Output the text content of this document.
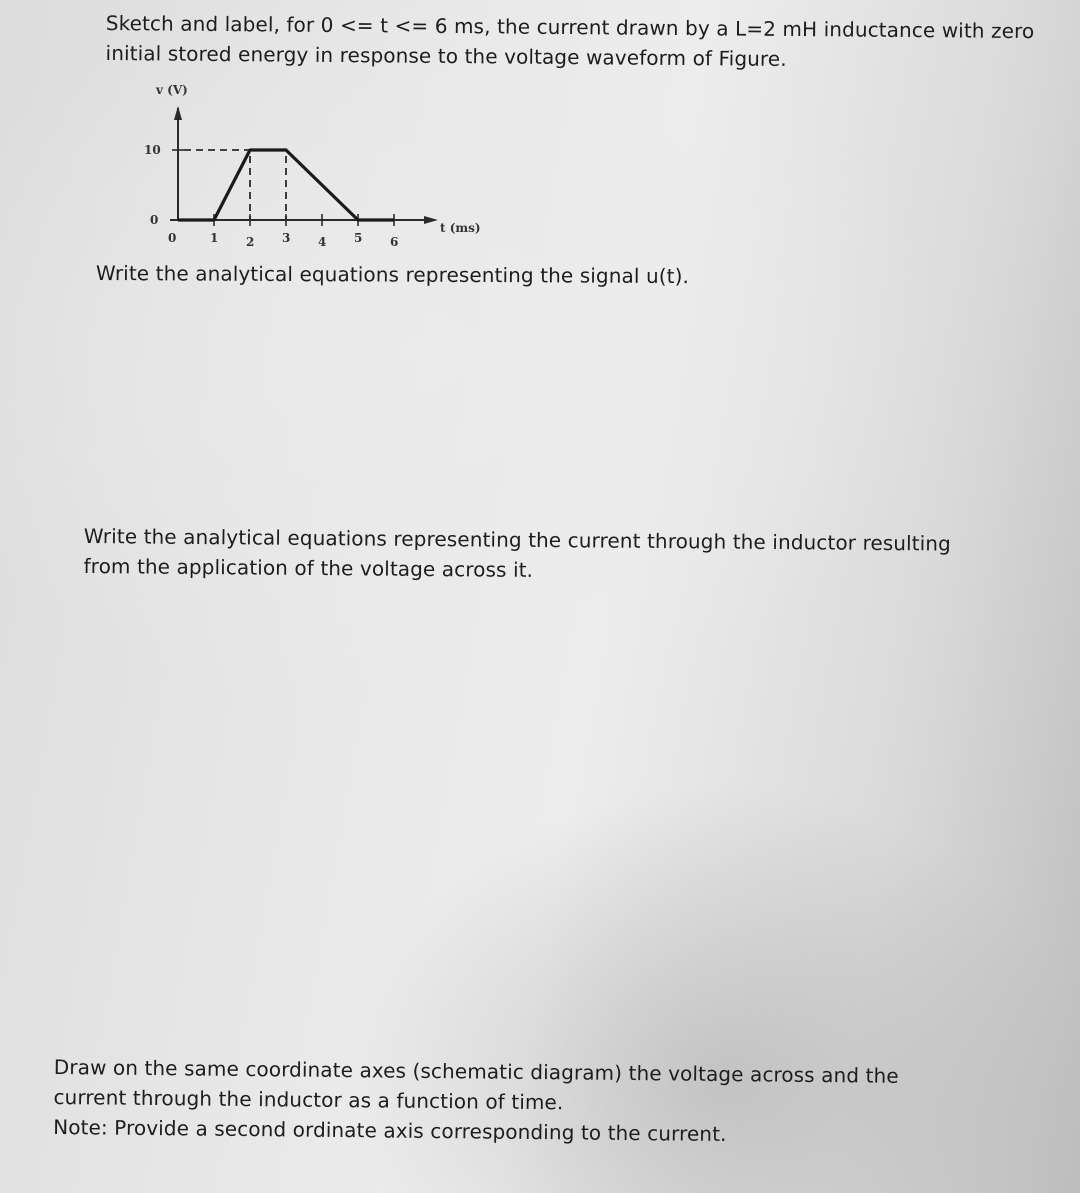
Sketch and label, for 0 <= t <= 6 ms, the current drawn by a L=2 mH inductance with zero
initial stored energy in response to the voltage waveform of Figure.
v (V)
t (ms)
10
0
0	1 2 3 4 5 6
Write the analytical equations representing the signal u(t).
Write the analytical equations representing the current through the inductor resulting
from the application of the voltage across it.
Draw on the same coordinate axes (schematic diagram) the voltage across and the
current through the inductor as a function of time.
Note: Provide a second ordinate axis corresponding to the current.
